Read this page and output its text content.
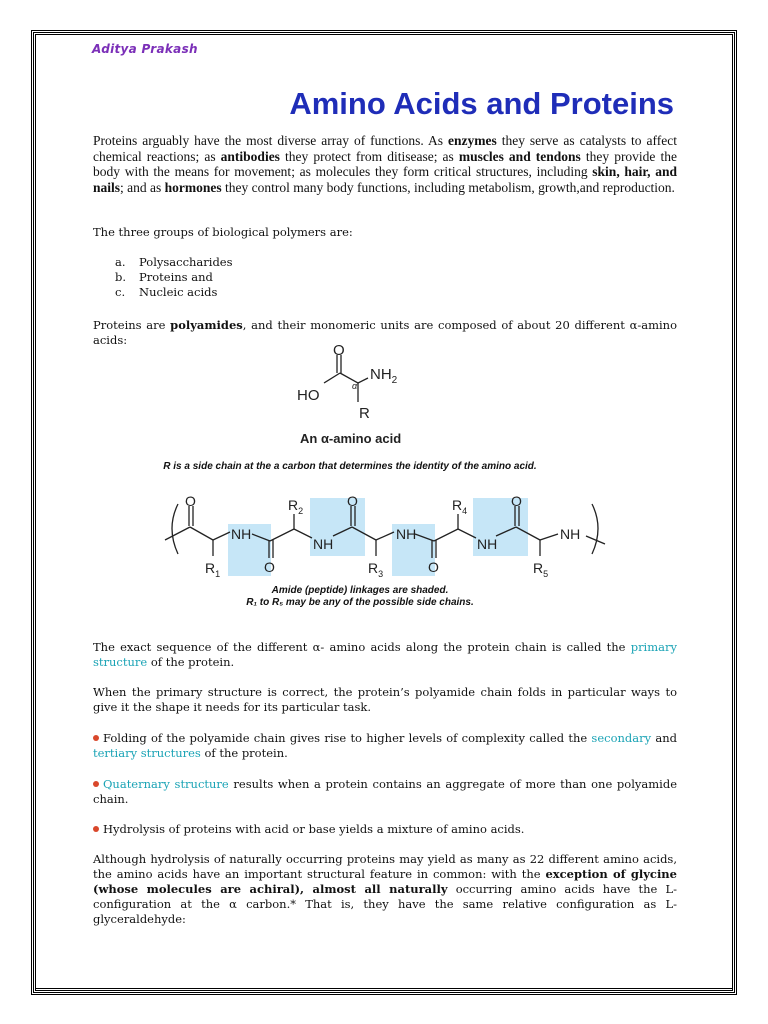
Aditya Prakash
Amino Acids and Proteins

Proteins arguably have the most diverse array of functions. As enzymes they serve as catalysts to affect chemical reactions; as antibodies they protect from ditisease; as muscles and tendons they provide the body with the means for movement; as molecules they form critical structures, including skin, hair, and nails; and as hormones they control many body functions, including metabolism, growth,and reproduction.

The three groups of biological polymers are:

a.	Polysaccharides
b.	Proteins and
c.	Nucleic acids

Proteins are polyamides, and their monomeric units are composed of about 20 different α-amino acids:

O
HO
α
$NH_2$
R
An α-amino acid
R is a side chain at the a carbon that determines the identity of the amino acid.
O	O	O
O	O
NH
NH
NH
NH
NH
$R_1$
$R_2$
$R_3$
$R_4$
$R_5$
Amide (peptide) linkages are shaded.
R₁ to R₅ may be any of the possible side chains.

The exact sequence of the different α- amino acids along the protein chain is called the primary structure of the protein.

When the primary structure is correct, the protein’s polyamide chain folds in particular ways to give it the shape it needs for its particular task.

Folding of the polyamide chain gives rise to higher levels of complexity called the secondary and tertiary structures of the protein.

Quaternary structure results when a protein contains an aggregate of more than one polyamide chain.

Hydrolysis of proteins with acid or base yields a mixture of amino acids.

Although hydrolysis of naturally occurring proteins may yield as many as 22 different amino acids, the amino acids have an important structural feature in common: with the exception of glycine (whose molecules are achiral), almost all naturally occurring amino acids have the L-configuration at the α carbon.* That is, they have the same relative configuration as L-glyceraldehyde:
